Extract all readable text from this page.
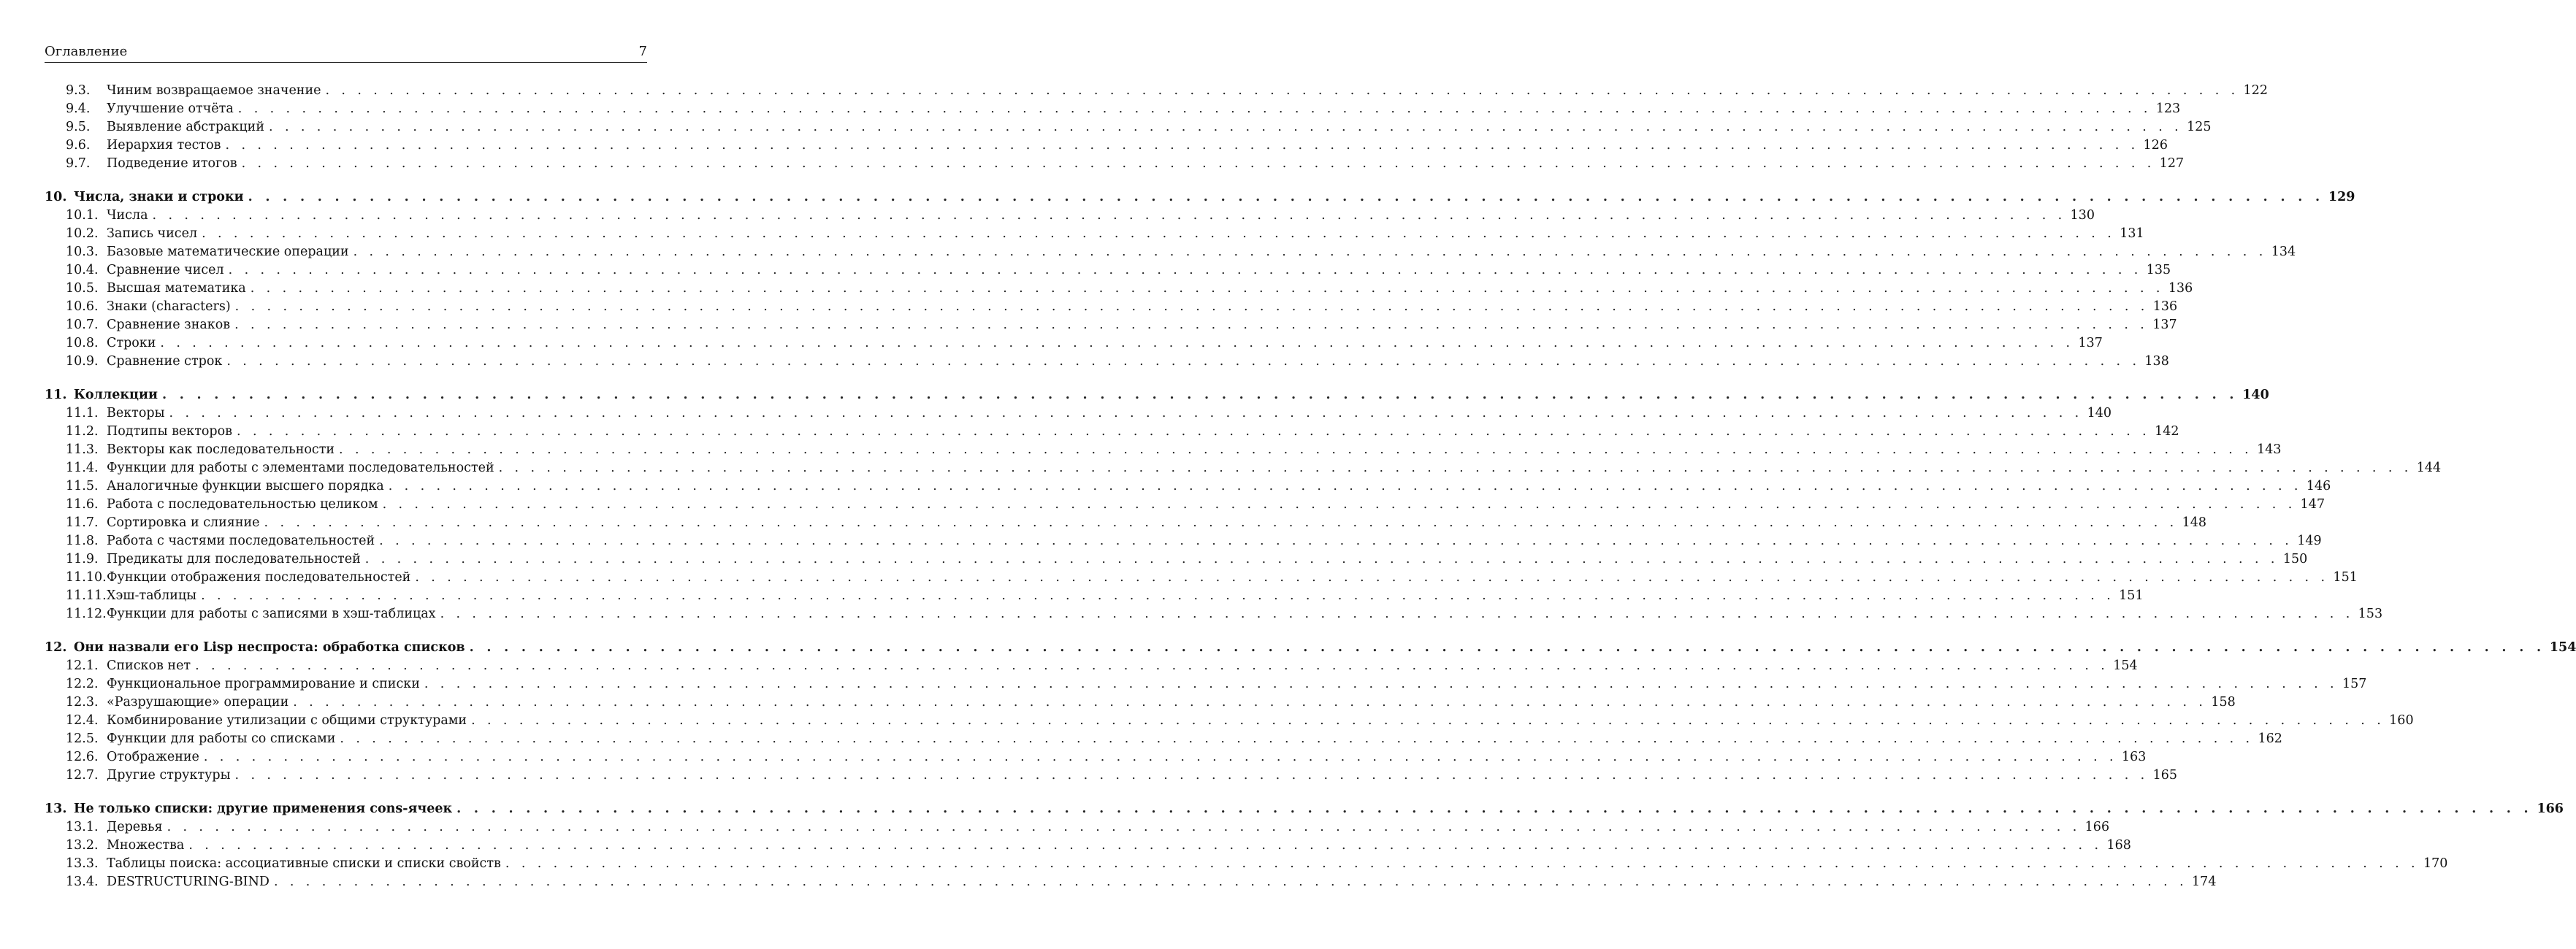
Оглавление	7
9.3.	Чиним возвращаемое значение . . . . . . . . . . . . . . . . . . . . . . . . . . . . . . . . . . . . . . . . . . . . . . . . . . . . . . . . . . . . . . . . . . . . . . . . . . . . . . . . . . . . . . . . . . . . . . . . . . . . . . . . . . . . . . . . . . . . . . . . 122
9.4.	Улучшение отчёта . . . . . . . . . . . . . . . . . . . . . . . . . . . . . . . . . . . . . . . . . . . . . . . . . . . . . . . . . . . . . . . . . . . . . . . . . . . . . . . . . . . . . . . . . . . . . . . . . . . . . . . . . . . . . . . . . . . . . . . . 123
9.5.	Выявление абстракций . . . . . . . . . . . . . . . . . . . . . . . . . . . . . . . . . . . . . . . . . . . . . . . . . . . . . . . . . . . . . . . . . . . . . . . . . . . . . . . . . . . . . . . . . . . . . . . . . . . . . . . . . . . . . . . . . . . . . . . . 125
9.6.	Иерархия тестов . . . . . . . . . . . . . . . . . . . . . . . . . . . . . . . . . . . . . . . . . . . . . . . . . . . . . . . . . . . . . . . . . . . . . . . . . . . . . . . . . . . . . . . . . . . . . . . . . . . . . . . . . . . . . . . . . . . . . . . . 126
9.7.	Подведение итогов . . . . . . . . . . . . . . . . . . . . . . . . . . . . . . . . . . . . . . . . . . . . . . . . . . . . . . . . . . . . . . . . . . . . . . . . . . . . . . . . . . . . . . . . . . . . . . . . . . . . . . . . . . . . . . . . . . . . . . . . 127
10. Числа, знаки и строки . . . . . . . . . . . . . . . . . . . . . . . . . . . . . . . . . . . . . . . . . . . . . . . . . . . . . . . . . . . . . . . . . . . . . . . . . . . . . . . . . . . . . . . . . . . . . . . . . . . . . . . . . . . . . . . . . . . . . . . . 129
10.1. Числа . . . . . . . . . . . . . . . . . . . . . . . . . . . . . . . . . . . . . . . . . . . . . . . . . . . . . . . . . . . . . . . . . . . . . . . . . . . . . . . . . . . . . . . . . . . . . . . . . . . . . . . . . . . . . . . . . . . . . . . . 130
10.2. Запись чисел . . . . . . . . . . . . . . . . . . . . . . . . . . . . . . . . . . . . . . . . . . . . . . . . . . . . . . . . . . . . . . . . . . . . . . . . . . . . . . . . . . . . . . . . . . . . . . . . . . . . . . . . . . . . . . . . . . . . . . . . 131
10.3. Базовые математические операции . . . . . . . . . . . . . . . . . . . . . . . . . . . . . . . . . . . . . . . . . . . . . . . . . . . . . . . . . . . . . . . . . . . . . . . . . . . . . . . . . . . . . . . . . . . . . . . . . . . . . . . . . . . . . . . . . . . . . . . . 134
10.4. Сравнение чисел . . . . . . . . . . . . . . . . . . . . . . . . . . . . . . . . . . . . . . . . . . . . . . . . . . . . . . . . . . . . . . . . . . . . . . . . . . . . . . . . . . . . . . . . . . . . . . . . . . . . . . . . . . . . . . . . . . . . . . . . 135
10.5. Высшая математика . . . . . . . . . . . . . . . . . . . . . . . . . . . . . . . . . . . . . . . . . . . . . . . . . . . . . . . . . . . . . . . . . . . . . . . . . . . . . . . . . . . . . . . . . . . . . . . . . . . . . . . . . . . . . . . . . . . . . . . . 136
10.6. Знаки (characters) . . . . . . . . . . . . . . . . . . . . . . . . . . . . . . . . . . . . . . . . . . . . . . . . . . . . . . . . . . . . . . . . . . . . . . . . . . . . . . . . . . . . . . . . . . . . . . . . . . . . . . . . . . . . . . . . . . . . . . . . 136
10.7. Сравнение знаков . . . . . . . . . . . . . . . . . . . . . . . . . . . . . . . . . . . . . . . . . . . . . . . . . . . . . . . . . . . . . . . . . . . . . . . . . . . . . . . . . . . . . . . . . . . . . . . . . . . . . . . . . . . . . . . . . . . . . . . . 137
10.8. Строки . . . . . . . . . . . . . . . . . . . . . . . . . . . . . . . . . . . . . . . . . . . . . . . . . . . . . . . . . . . . . . . . . . . . . . . . . . . . . . . . . . . . . . . . . . . . . . . . . . . . . . . . . . . . . . . . . . . . . . . . 137
10.9. Сравнение строк . . . . . . . . . . . . . . . . . . . . . . . . . . . . . . . . . . . . . . . . . . . . . . . . . . . . . . . . . . . . . . . . . . . . . . . . . . . . . . . . . . . . . . . . . . . . . . . . . . . . . . . . . . . . . . . . . . . . . . . . 138
11. Коллекции . . . . . . . . . . . . . . . . . . . . . . . . . . . . . . . . . . . . . . . . . . . . . . . . . . . . . . . . . . . . . . . . . . . . . . . . . . . . . . . . . . . . . . . . . . . . . . . . . . . . . . . . . . . . . . . . . . . . . . . . 140
11.1. Векторы . . . . . . . . . . . . . . . . . . . . . . . . . . . . . . . . . . . . . . . . . . . . . . . . . . . . . . . . . . . . . . . . . . . . . . . . . . . . . . . . . . . . . . . . . . . . . . . . . . . . . . . . . . . . . . . . . . . . . . . . 140
11.2. Подтипы векторов . . . . . . . . . . . . . . . . . . . . . . . . . . . . . . . . . . . . . . . . . . . . . . . . . . . . . . . . . . . . . . . . . . . . . . . . . . . . . . . . . . . . . . . . . . . . . . . . . . . . . . . . . . . . . . . . . . . . . . . . 142
11.3. Векторы как последовательности . . . . . . . . . . . . . . . . . . . . . . . . . . . . . . . . . . . . . . . . . . . . . . . . . . . . . . . . . . . . . . . . . . . . . . . . . . . . . . . . . . . . . . . . . . . . . . . . . . . . . . . . . . . . . . . . . . . . . . . . 143
11.4. Функции для работы с элементами последовательностей . . . . . . . . . . . . . . . . . . . . . . . . . . . . . . . . . . . . . . . . . . . . . . . . . . . . . . . . . . . . . . . . . . . . . . . . . . . . . . . . . . . . . . . . . . . . . . . . . . . . . . . . . . . . . . . . . . . . . . . . 144
11.5. Аналогичные функции высшего порядка . . . . . . . . . . . . . . . . . . . . . . . . . . . . . . . . . . . . . . . . . . . . . . . . . . . . . . . . . . . . . . . . . . . . . . . . . . . . . . . . . . . . . . . . . . . . . . . . . . . . . . . . . . . . . . . . . . . . . . . . 146
11.6. Работа с последовательностью целиком . . . . . . . . . . . . . . . . . . . . . . . . . . . . . . . . . . . . . . . . . . . . . . . . . . . . . . . . . . . . . . . . . . . . . . . . . . . . . . . . . . . . . . . . . . . . . . . . . . . . . . . . . . . . . . . . . . . . . . . . 147
11.7. Сортировка и слияние . . . . . . . . . . . . . . . . . . . . . . . . . . . . . . . . . . . . . . . . . . . . . . . . . . . . . . . . . . . . . . . . . . . . . . . . . . . . . . . . . . . . . . . . . . . . . . . . . . . . . . . . . . . . . . . . . . . . . . . . 148
11.8. Работа с частями последовательностей . . . . . . . . . . . . . . . . . . . . . . . . . . . . . . . . . . . . . . . . . . . . . . . . . . . . . . . . . . . . . . . . . . . . . . . . . . . . . . . . . . . . . . . . . . . . . . . . . . . . . . . . . . . . . . . . . . . . . . . . 149
11.9. Предикаты для последовательностей . . . . . . . . . . . . . . . . . . . . . . . . . . . . . . . . . . . . . . . . . . . . . . . . . . . . . . . . . . . . . . . . . . . . . . . . . . . . . . . . . . . . . . . . . . . . . . . . . . . . . . . . . . . . . . . . . . . . . . . . 150
11.10. Функции отображения последовательностей . . . . . . . . . . . . . . . . . . . . . . . . . . . . . . . . . . . . . . . . . . . . . . . . . . . . . . . . . . . . . . . . . . . . . . . . . . . . . . . . . . . . . . . . . . . . . . . . . . . . . . . . . . . . . . . . . . . . . . . . 151
11.11. Хэш-таблицы . . . . . . . . . . . . . . . . . . . . . . . . . . . . . . . . . . . . . . . . . . . . . . . . . . . . . . . . . . . . . . . . . . . . . . . . . . . . . . . . . . . . . . . . . . . . . . . . . . . . . . . . . . . . . . . . . . . . . . . . 151
11.12. Функции для работы с записями в хэш-таблицах . . . . . . . . . . . . . . . . . . . . . . . . . . . . . . . . . . . . . . . . . . . . . . . . . . . . . . . . . . . . . . . . . . . . . . . . . . . . . . . . . . . . . . . . . . . . . . . . . . . . . . . . . . . . . . . . . . . . . . . . 153
12. Они назвали его Lisp неспроста: обработка списков . . . . . . . . . . . . . . . . . . . . . . . . . . . . . . . . . . . . . . . . . . . . . . . . . . . . . . . . . . . . . . . . . . . . . . . . . . . . . . . . . . . . . . . . . . . . . . . . . . . . . . . . . . . . . . . . . . . . . . . . 154
12.1. Списков нет . . . . . . . . . . . . . . . . . . . . . . . . . . . . . . . . . . . . . . . . . . . . . . . . . . . . . . . . . . . . . . . . . . . . . . . . . . . . . . . . . . . . . . . . . . . . . . . . . . . . . . . . . . . . . . . . . . . . . . . . 154
12.2. Функциональное программирование и списки . . . . . . . . . . . . . . . . . . . . . . . . . . . . . . . . . . . . . . . . . . . . . . . . . . . . . . . . . . . . . . . . . . . . . . . . . . . . . . . . . . . . . . . . . . . . . . . . . . . . . . . . . . . . . . . . . . . . . . . . 157
12.3. «Разрушающие» операции . . . . . . . . . . . . . . . . . . . . . . . . . . . . . . . . . . . . . . . . . . . . . . . . . . . . . . . . . . . . . . . . . . . . . . . . . . . . . . . . . . . . . . . . . . . . . . . . . . . . . . . . . . . . . . . . . . . . . . . . 158
12.4. Комбинирование утилизации с общими структурами . . . . . . . . . . . . . . . . . . . . . . . . . . . . . . . . . . . . . . . . . . . . . . . . . . . . . . . . . . . . . . . . . . . . . . . . . . . . . . . . . . . . . . . . . . . . . . . . . . . . . . . . . . . . . . . . . . . . . . . . 160
12.5. Функции для работы со списками . . . . . . . . . . . . . . . . . . . . . . . . . . . . . . . . . . . . . . . . . . . . . . . . . . . . . . . . . . . . . . . . . . . . . . . . . . . . . . . . . . . . . . . . . . . . . . . . . . . . . . . . . . . . . . . . . . . . . . . . 162
12.6. Отображение . . . . . . . . . . . . . . . . . . . . . . . . . . . . . . . . . . . . . . . . . . . . . . . . . . . . . . . . . . . . . . . . . . . . . . . . . . . . . . . . . . . . . . . . . . . . . . . . . . . . . . . . . . . . . . . . . . . . . . . . 163
12.7. Другие структуры . . . . . . . . . . . . . . . . . . . . . . . . . . . . . . . . . . . . . . . . . . . . . . . . . . . . . . . . . . . . . . . . . . . . . . . . . . . . . . . . . . . . . . . . . . . . . . . . . . . . . . . . . . . . . . . . . . . . . . . . 165
13. Не только списки: другие применения cons-ячеек . . . . . . . . . . . . . . . . . . . . . . . . . . . . . . . . . . . . . . . . . . . . . . . . . . . . . . . . . . . . . . . . . . . . . . . . . . . . . . . . . . . . . . . . . . . . . . . . . . . . . . . . . . . . . . . . . . . . . . . . 166
13.1. Деревья . . . . . . . . . . . . . . . . . . . . . . . . . . . . . . . . . . . . . . . . . . . . . . . . . . . . . . . . . . . . . . . . . . . . . . . . . . . . . . . . . . . . . . . . . . . . . . . . . . . . . . . . . . . . . . . . . . . . . . . . 166
13.2. Множества . . . . . . . . . . . . . . . . . . . . . . . . . . . . . . . . . . . . . . . . . . . . . . . . . . . . . . . . . . . . . . . . . . . . . . . . . . . . . . . . . . . . . . . . . . . . . . . . . . . . . . . . . . . . . . . . . . . . . . . . 168
13.3. Таблицы поиска: ассоциативные списки и списки свойств . . . . . . . . . . . . . . . . . . . . . . . . . . . . . . . . . . . . . . . . . . . . . . . . . . . . . . . . . . . . . . . . . . . . . . . . . . . . . . . . . . . . . . . . . . . . . . . . . . . . . . . . . . . . . . . . . . . . . . . . 170
13.4. DESTRUCTURING-BIND . . . . . . . . . . . . . . . . . . . . . . . . . . . . . . . . . . . . . . . . . . . . . . . . . . . . . . . . . . . . . . . . . . . . . . . . . . . . . . . . . . . . . . . . . . . . . . . . . . . . . . . . . . . . . . . . . . . . . . . . 174
